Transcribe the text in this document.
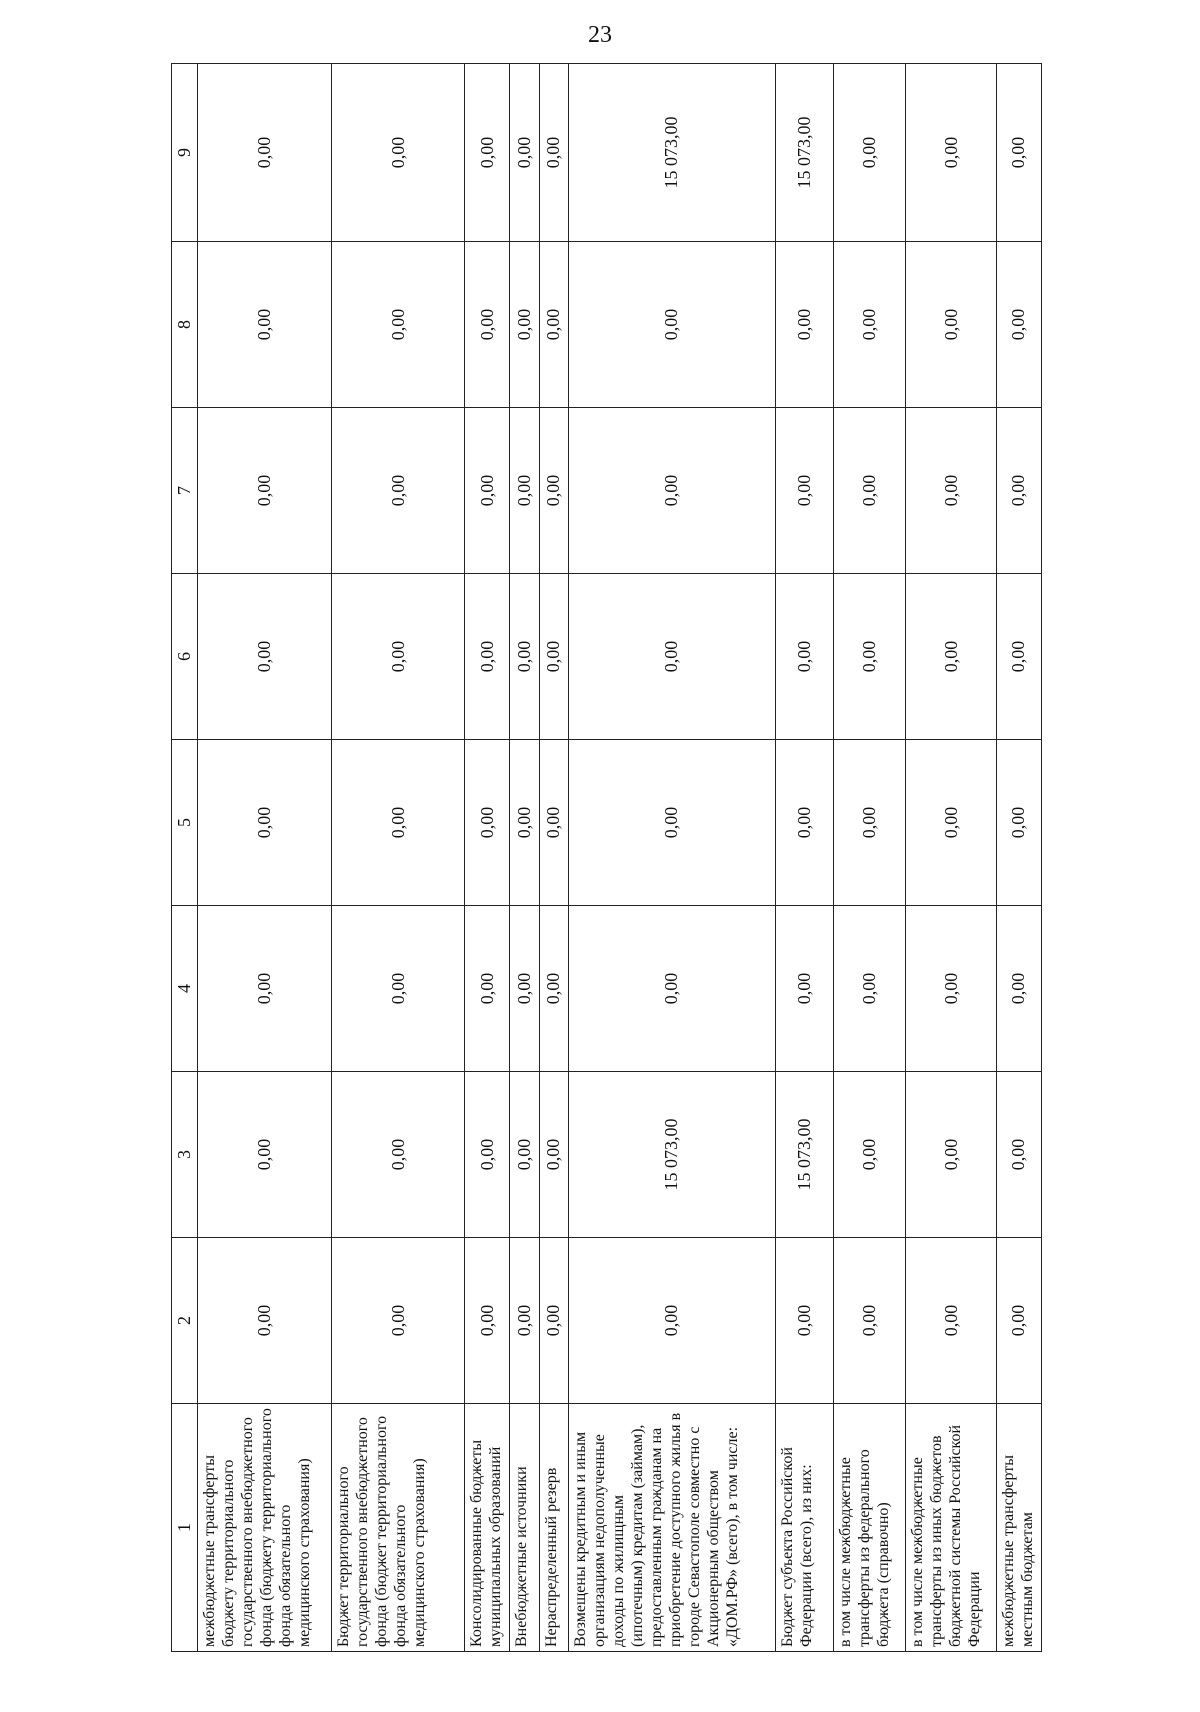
23
1	2	3	4	5	6	7	8	9
межбюджетные трансферты бюджету территориального государственного внебюджетного фонда (бюджету территориального фонда обязательного медицинского страхования)	0,00	0,00	0,00	0,00	0,00	0,00	0,00	0,00
Бюджет территориального государственного внебюджетного фонда (бюджет территориального фонда обязательного медицинского страхования)	0,00	0,00	0,00	0,00	0,00	0,00	0,00	0,00
Консолидированные бюджеты муниципальных образований	0,00	0,00	0,00	0,00	0,00	0,00	0,00	0,00
Внебюджетные источники	0,00	0,00	0,00	0,00	0,00	0,00	0,00	0,00
Нераспределенный резерв	0,00	0,00	0,00	0,00	0,00	0,00	0,00	0,00
Возмещены кредитным и иным организациям недополученные доходы по жилищным (ипотечным) кредитам (займам), предоставленным гражданам на приобретение доступного жилья в городе Севастополе совместно с Акционерным обществом «ДОМ.РФ» (всего), в том числе:	0,00	15 073,00	0,00	0,00	0,00	0,00	0,00	15 073,00
Бюджет субъекта Российской Федерации (всего), из них:	0,00	15 073,00	0,00	0,00	0,00	0,00	0,00	15 073,00
в том числе межбюджетные трансферты из федерального бюджета (справочно)	0,00	0,00	0,00	0,00	0,00	0,00	0,00	0,00
в том числе межбюджетные трансферты из иных бюджетов бюджетной системы Российской Федерации	0,00	0,00	0,00	0,00	0,00	0,00	0,00	0,00
межбюджетные трансферты местным бюджетам	0,00	0,00	0,00	0,00	0,00	0,00	0,00	0,00
